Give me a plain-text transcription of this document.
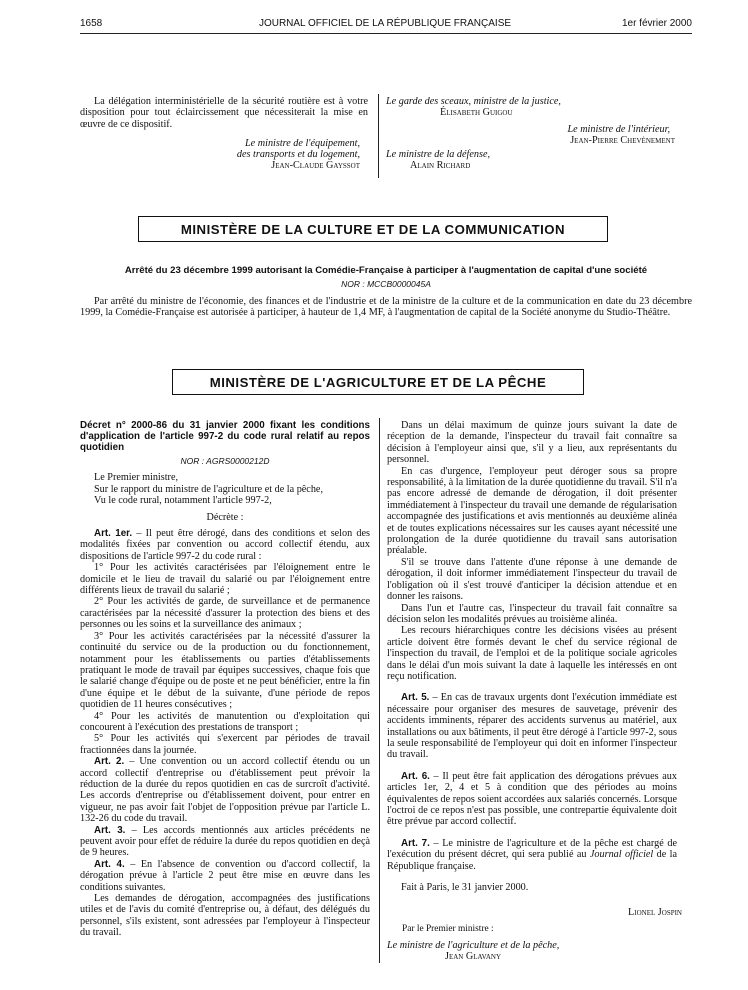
1658	JOURNAL OFFICIEL DE LA RÉPUBLIQUE FRANÇAISE	1er février 2000
La délégation interministérielle de la sécurité routière est à votre disposition pour tout éclaircissement que nécessiterait la mise en œuvre de ce dispositif.
Le ministre de l'équipement,
des transports et du logement,
Jean-Claude Gayssot
Le garde des sceaux, ministre de la justice,
Élisabeth Guigou
Le ministre de l'intérieur,
Jean-Pierre Chevènement
Le ministre de la défense,
Alain Richard
MINISTÈRE DE LA CULTURE ET DE LA COMMUNICATION
Arrêté du 23 décembre 1999 autorisant la Comédie-Française à participer à l'augmentation de capital d'une société
NOR : MCCB0000045A
Par arrêté du ministre de l'économie, des finances et de l'industrie et de la ministre de la culture et de la communication en date du 23 décembre 1999, la Comédie-Française est autorisée à participer, à hauteur de 1,4 MF, à l'augmentation de capital de la Société anonyme du Studio-Théâtre.
MINISTÈRE DE L'AGRICULTURE ET DE LA PÊCHE
Décret n° 2000-86 du 31 janvier 2000 fixant les conditions d'application de l'article 997-2 du code rural relatif au repos quotidien
NOR : AGRS0000212D

Le Premier ministre,

Sur le rapport du ministre de l'agriculture et de la pêche,

Vu le code rural, notamment l'article 997-2,

Décrète :

Art. 1er. – Il peut être dérogé, dans des conditions et selon des modalités fixées par convention ou accord collectif étendu, aux dispositions de l'article 997-2 du code rural :

1° Pour les activités caractérisées par l'éloignement entre le domicile et le lieu de travail du salarié ou par l'éloignement entre différents lieux de travail du salarié ;

2° Pour les activités de garde, de surveillance et de permanence caractérisées par la nécessité d'assurer la protection des biens et des personnes ou les soins et la surveillance des animaux ;

3° Pour les activités caractérisées par la nécessité d'assurer la continuité du service ou de la production ou du fonctionnement, notamment pour les établissements ou parties d'établissements pratiquant le mode de travail par équipes successives, chaque fois que le salarié change d'équipe ou de poste et ne peut bénéficier, entre la fin d'une équipe et le début de la suivante, d'une période de repos quotidien de 11 heures consécutives ;

4° Pour les activités de manutention ou d'exploitation qui concourent à l'exécution des prestations de transport ;

5° Pour les activités qui s'exercent par périodes de travail fractionnées dans la journée.

Art. 2. – Une convention ou un accord collectif étendu ou un accord collectif d'entreprise ou d'établissement peut prévoir la réduction de la durée du repos quotidien en cas de surcroît d'activité. Les accords d'entreprise ou d'établissement doivent, pour entrer en vigueur, ne pas avoir fait l'objet de l'opposition prévue par l'article L. 132-26 du code du travail.

Art. 3. – Les accords mentionnés aux articles précédents ne peuvent avoir pour effet de réduire la durée du repos quotidien en deçà de 9 heures.

Art. 4. – En l'absence de convention ou d'accord collectif, la dérogation prévue à l'article 2 peut être mise en œuvre dans les conditions suivantes.

Les demandes de dérogation, accompagnées des justifications utiles et de l'avis du comité d'entreprise ou, à défaut, des délégués du personnel, s'ils existent, sont adressées par l'employeur à l'inspecteur du travail.

Dans un délai maximum de quinze jours suivant la date de réception de la demande, l'inspecteur du travail fait connaître sa décision à l'employeur ainsi que, s'il y a lieu, aux représentants du personnel.

En cas d'urgence, l'employeur peut déroger sous sa propre responsabilité, à la limitation de la durée quotidienne du travail. S'il n'a pas encore adressé de demande de dérogation, il doit présenter immédiatement à l'inspecteur du travail une demande de régularisation accompagnée des justifications et avis mentionnés au deuxième alinéa et de toutes explications nécessaires sur les causes ayant nécessité une prolongation de la durée quotidienne du travail sans autorisation préalable.

S'il se trouve dans l'attente d'une réponse à une demande de dérogation, il doit informer immédiatement l'inspecteur du travail de l'obligation où il s'est trouvé d'anticiper la décision attendue et en donner les raisons.

Dans l'un et l'autre cas, l'inspecteur du travail fait connaître sa décision selon les modalités prévues au troisième alinéa.

Les recours hiérarchiques contre les décisions visées au présent article doivent être formés devant le chef du service régional de l'inspection du travail, de l'emploi et de la politique sociale agricoles dans le délai d'un mois suivant la date à laquelle les intéressés en ont reçu notification.

Art. 5. – En cas de travaux urgents dont l'exécution immédiate est nécessaire pour organiser des mesures de sauvetage, prévenir des accidents imminents, réparer des accidents survenus au matériel, aux installations ou aux bâtiments, il peut être dérogé à l'article 997-2, sous la seule responsabilité de l'employeur qui doit en informer l'inspecteur du travail.

Art. 6. – Il peut être fait application des dérogations prévues aux articles 1er, 2, 4 et 5 à condition que des périodes au moins équivalentes de repos soient accordées aux salariés concernés. Lorsque l'octroi de ce repos n'est pas possible, une contrepartie équivalente doit être prévue par accord collectif.

Art. 7. – Le ministre de l'agriculture et de la pêche est chargé de l'exécution du présent décret, qui sera publié au Journal officiel de la République française.

Fait à Paris, le 31 janvier 2000.

Lionel Jospin
Par le Premier ministre :
Le ministre de l'agriculture et de la pêche,
Jean Glavany
